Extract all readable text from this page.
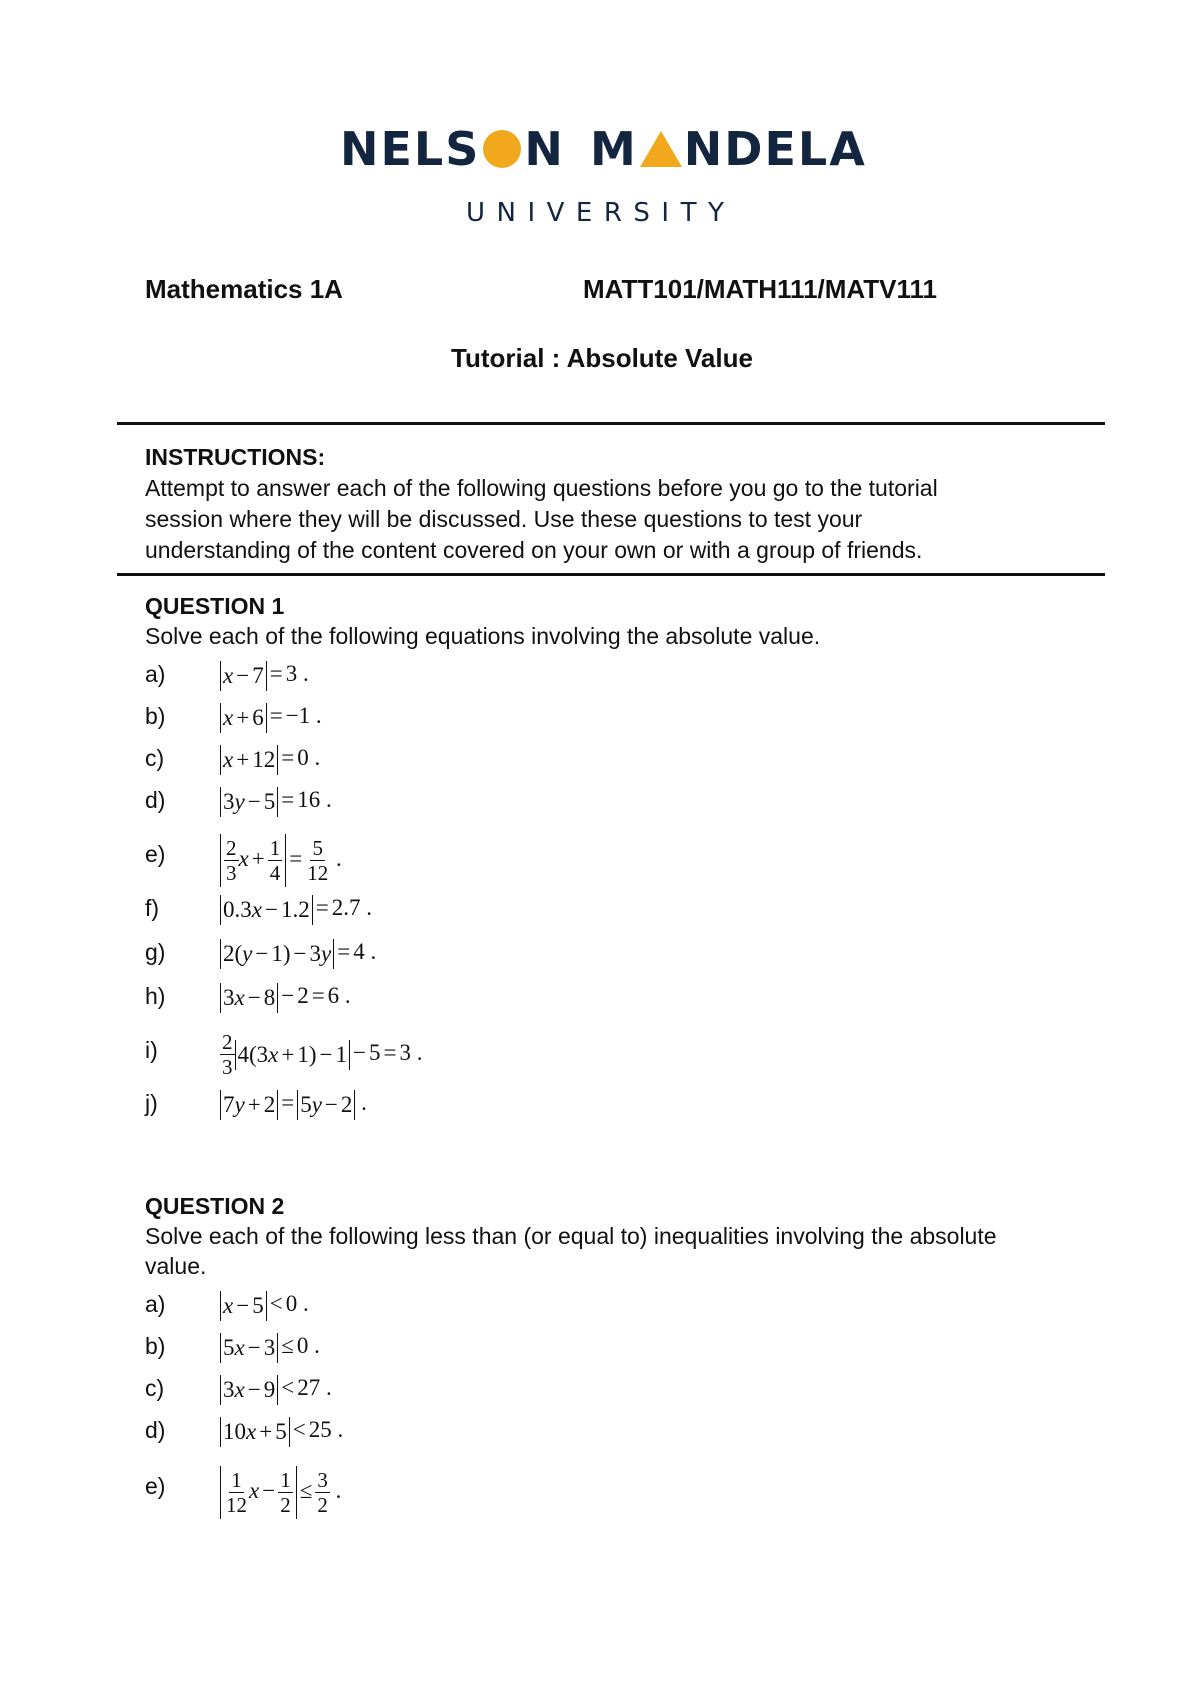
NELS N M NDELA
UNIVERSITY
Mathematics 1A	MATT101/MATH111/MATV111
Tutorial : Absolute Value
INSTRUCTIONS:
Attempt to answer each of the following questions before you go to the tutorial
session where they will be discussed. Use these questions to test your
understanding of the content covered on your own or with a group of friends.
QUESTION 1
Solve each of the following equations involving the absolute value.
a)	x − 7 = 3 .
b)	x + 6 = −1 .
c)	x + 12 = 0 .
d)	3y − 5 = 16 .
e)	$\frac{2}{3}$ $x + \frac{1}{4} = \frac{5}{12}$ .
f)	0.3x − 1.2 = 2.7 .
g)	2(y − 1) − 3y = 4 .
h)	3x − 8 − 2 = 6 .
i)	$\frac{2}{3} 4(3x + 1) - 1 - 5 = 3$ .
j)	7y + 2 = 5y − 2 .
QUESTION 2
Solve each of the following less than (or equal to) inequalities involving the absolute
value.
a)	x − 5 < 0 .
b)	5x − 3 ≤ 0 .
c)	3x − 9 < 27 .
d)	10x + 5 < 25 .
e)	$\frac{1}{12}$ $x - \frac{1}{2} \le \frac{3}{2}$ .
